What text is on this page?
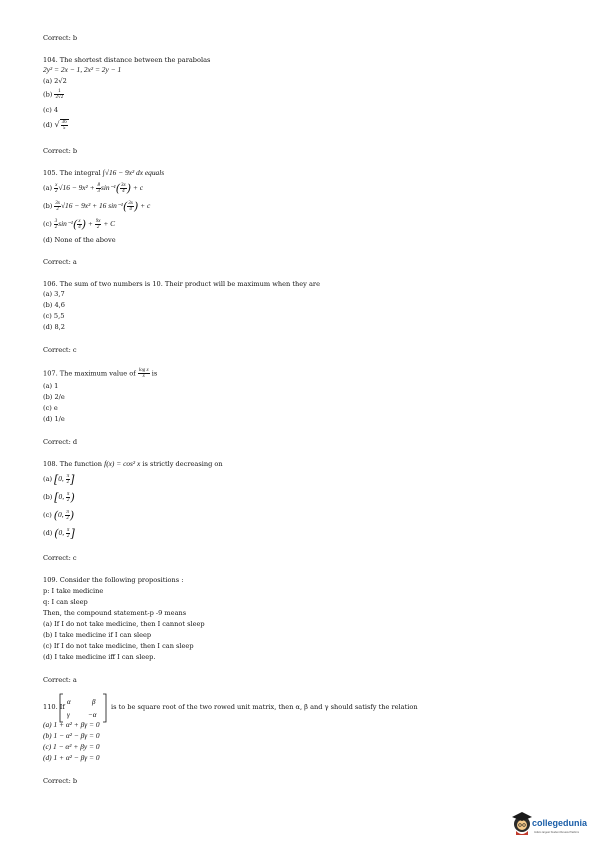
Correct: b
104. The shortest distance between the parabolas
2y² = 2x − 1, 2x² = 2y − 1
(a) 2√2
$(b) \frac{1}{2√2}$
(c) 4
(d) √ $\frac{36}{5}$
Correct: b
105. The integral ∫√16 − 9x² dx equals
$(a) \frac{x}{2} √16 - 9x^2 + \frac{8}{3} \sin^{-1}( \frac{3x}{4}$ ) + c
$(b) \frac{3x}{2} √16 - 9x^2 + 16$ $\sin^{-1}( \frac{3x}{4}$ ) + c
$(c) \frac{3}{2} \sin^{-1}( \frac{x}{4}$ ) + $\frac{9x}{2} + C$
(d) None of the above
Correct: a
106. The sum of two numbers is 10. Their product will be maximum when they are
(a) 3,7
(b) 4,6
(c) 5,5
(d) 8,2
Correct: c
107. The maximum value of $\frac{\text{log x}}{x}$ is
(a) 1
(b) 2/e
(c) e
(d) 1/e
Correct: d
108. The function f(x) = cos² x is strictly decreasing on
(a) [0, $\frac{\pi}{2}$ ]
(b) [0, $\frac{\pi}{2}$ )
(c) (0, $\frac{\pi}{2}$ )
(d) (0, $\frac{\pi}{2}$ ]
Correct: c
109. Consider the following propositions :
p: I take medicine
q: I can sleep
Then, the compound statement-p -9 means
(a) If I do not take medicine, then I cannot sleep
(b) I take medicine if I can sleep
(c) If I do not take medicine, then I can sleep
(d) I take medicine iff I can sleep.
Correct: a
110. If
α	β
γ	−α
is to be square root of the two rowed unit matrix, then α, β and γ should satisfy the relation
(a) 1 + α² + βγ = 0
(b) 1 − α² − βγ = 0
(c) 1 − α² + βy = 0
(d) 1 + α² − βγ = 0
Correct: b
collegedunia
India's largest Student Review Platform
